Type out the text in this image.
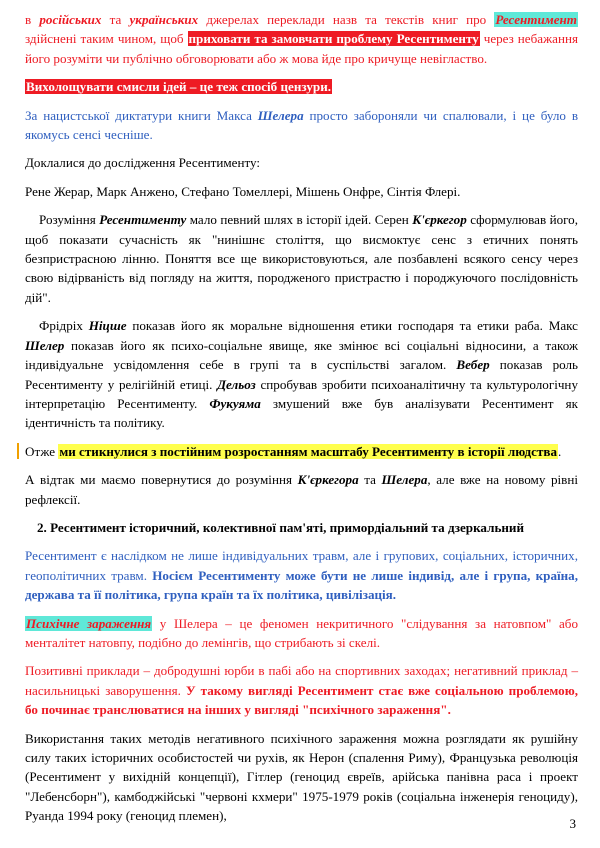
в російських та українських джерелах переклади назв та текстів книг про Ресентимент здійснені таким чином, щоб приховати та замовчати проблему Ресентименту через небажання його розуміти чи публічно обговорювати або ж мова йде про кричуще невігластво.

Вихолощувати смисли ідей – це теж спосіб цензури.

За нацистської диктатури книги Макса Шелера просто забороняли чи спалювали, і це було в якомусь сенсі чесніше.

Доклалися до дослідження Ресентименту:

Рене Жерар, Марк Анжено, Стефано Томеллері, Мішень Онфре, Сінтія Флері.

Розуміння Ресентименту мало певний шлях в історії ідей. Серен К'єркегор сформулював його, щоб показати сучасність як "нинішнє століття, що висмоктує сенс з етичних понять безпристрасною лінню. Поняття все ще використовуються, але позбавлені всякого сенсу через свою відірваність від погляду на життя, породженого пристрастю і породжуючого послідовність дій".

Фрідріх Ніцше показав його як моральне відношення етики господаря та етики раба. Макс Шелер показав його як психо-соціальне явище, яке змінює всі соціальні відносини, а також індивідуальне усвідомлення себе в групі та в суспільстві загалом. Вебер показав роль Ресентименту у релігійній етиці. Дельоз спробував зробити психоаналітичну та культурологічну інтерпретацію Ресентименту. Фукуяма змушений вже був аналізувати Ресентимент як ідентичність та політику.

Отже ми стикнулися з постійним розростанням масштабу Ресентименту в історії людства.

А відтак ми маємо повернутися до розуміння К'єркегора та Шелера, але вже на новому рівні рефлексії.

2. Ресентимент історичний, колективної пам'яті, примордіальний та дзеркальний

Ресентимент є наслідком не лише індивідуальних травм, але і групових, соціальних, історичних, геополітичних травм. Носієм Ресентименту може бути не лише індивід, але і група, країна, держава та її політика, група країн та їх політика, цивілізація.

Психічне зараження у Шелера – це феномен некритичного "слідування за натовпом" або менталітет натовпу, подібно до лемінгів, що стрибають зі скелі.

Позитивні приклади – добродушні юрби в пабі або на спортивних заходах; негативний приклад – насильницькі заворушення. У такому вигляді Ресентимент стає вже соціальною проблемою, бо починає транслюватися на інших у вигляді "психічного зараження".

Використання таких методів негативного психічного зараження можна розглядати як рушійну силу таких історичних особистостей чи рухів, як Нерон (спалення Риму), Французька революція (Ресентимент у вихідній концепції), Гітлер (геноцид євреїв, арійська панівна раса і проект "Лебенсборн"), камбоджійські "червоні кхмери" 1975-1979 років (соціальна інженерія геноциду), Руанда 1994 року (геноцид племен),

3
